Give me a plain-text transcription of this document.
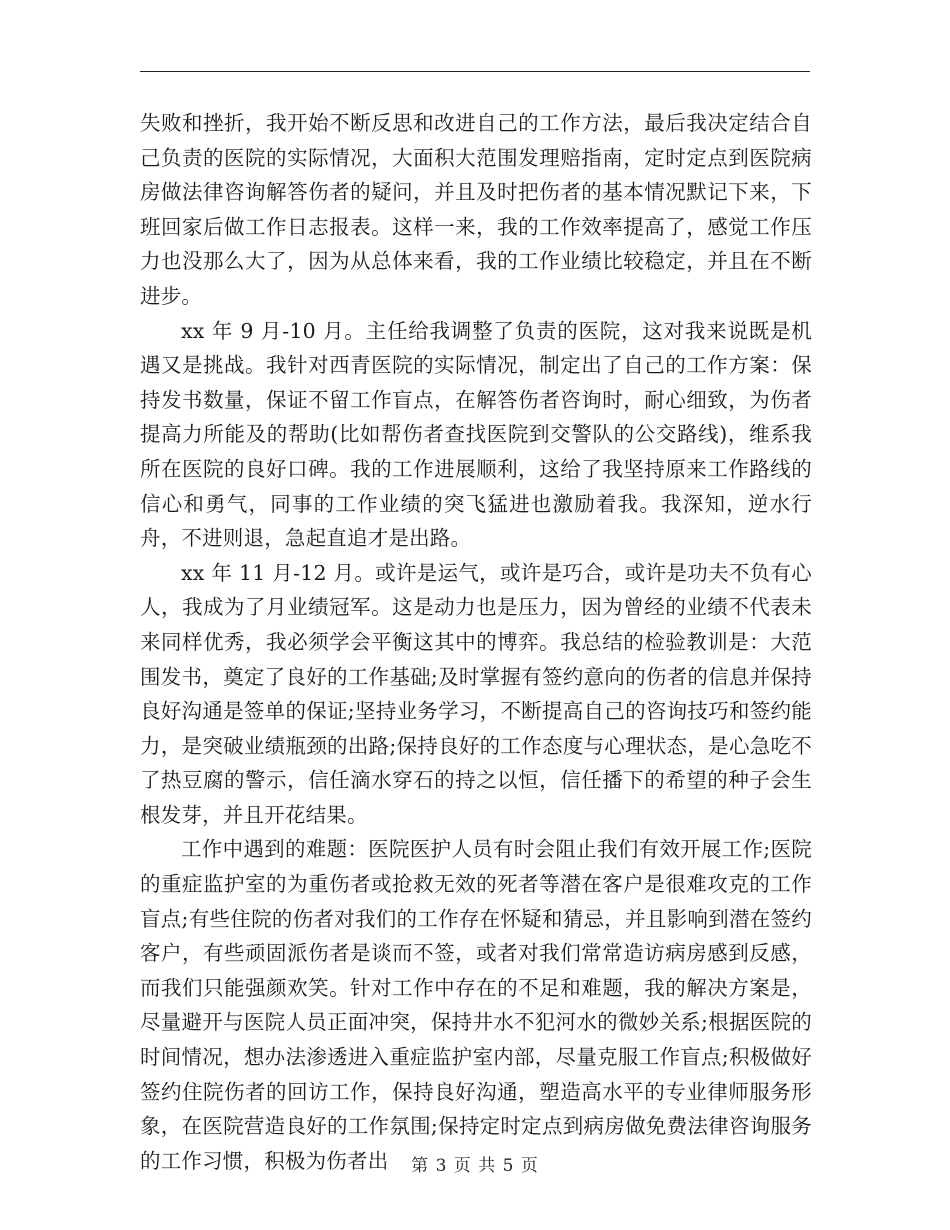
失败和挫折，我开始不断反思和改进自己的工作方法，最后我决定结合自己负责的医院的实际情况，大面积大范围发理赔指南，定时定点到医院病房做法律咨询解答伤者的疑问，并且及时把伤者的基本情况默记下来，下班回家后做工作日志报表。这样一来，我的工作效率提高了，感觉工作压力也没那么大了，因为从总体来看，我的工作业绩比较稳定，并且在不断进步。

xx 年 9 月-10 月。主任给我调整了负责的医院，这对我来说既是机遇又是挑战。我针对西青医院的实际情况，制定出了自己的工作方案：保持发书数量，保证不留工作盲点，在解答伤者咨询时，耐心细致，为伤者提高力所能及的帮助(比如帮伤者查找医院到交警队的公交路线)，维系我所在医院的良好口碑。我的工作进展顺利，这给了我坚持原来工作路线的信心和勇气，同事的工作业绩的突飞猛进也激励着我。我深知，逆水行舟，不进则退，急起直追才是出路。

xx 年 11 月-12 月。或许是运气，或许是巧合，或许是功夫不负有心人，我成为了月业绩冠军。这是动力也是压力，因为曾经的业绩不代表未来同样优秀，我必须学会平衡这其中的博弈。我总结的检验教训是：大范围发书，奠定了良好的工作基础;及时掌握有签约意向的伤者的信息并保持良好沟通是签单的保证;坚持业务学习，不断提高自己的咨询技巧和签约能力，是突破业绩瓶颈的出路;保持良好的工作态度与心理状态，是心急吃不了热豆腐的警示，信任滴水穿石的持之以恒，信任播下的希望的种子会生根发芽，并且开花结果。

工作中遇到的难题：医院医护人员有时会阻止我们有效开展工作;医院的重症监护室的为重伤者或抢救无效的死者等潜在客户是很难攻克的工作盲点;有些住院的伤者对我们的工作存在怀疑和猜忌，并且影响到潜在签约客户，有些顽固派伤者是谈而不签，或者对我们常常造访病房感到反感，而我们只能强颜欢笑。针对工作中存在的不足和难题，我的解决方案是，尽量避开与医院人员正面冲突，保持井水不犯河水的微妙关系;根据医院的时间情况，想办法渗透进入重症监护室内部，尽量克服工作盲点;积极做好签约住院伤者的回访工作，保持良好沟通，塑造高水平的专业律师服务形象，在医院营造良好的工作氛围;保持定时定点到病房做免费法律咨询服务的工作习惯，积极为伤者出	第 3 页 共 5 页
